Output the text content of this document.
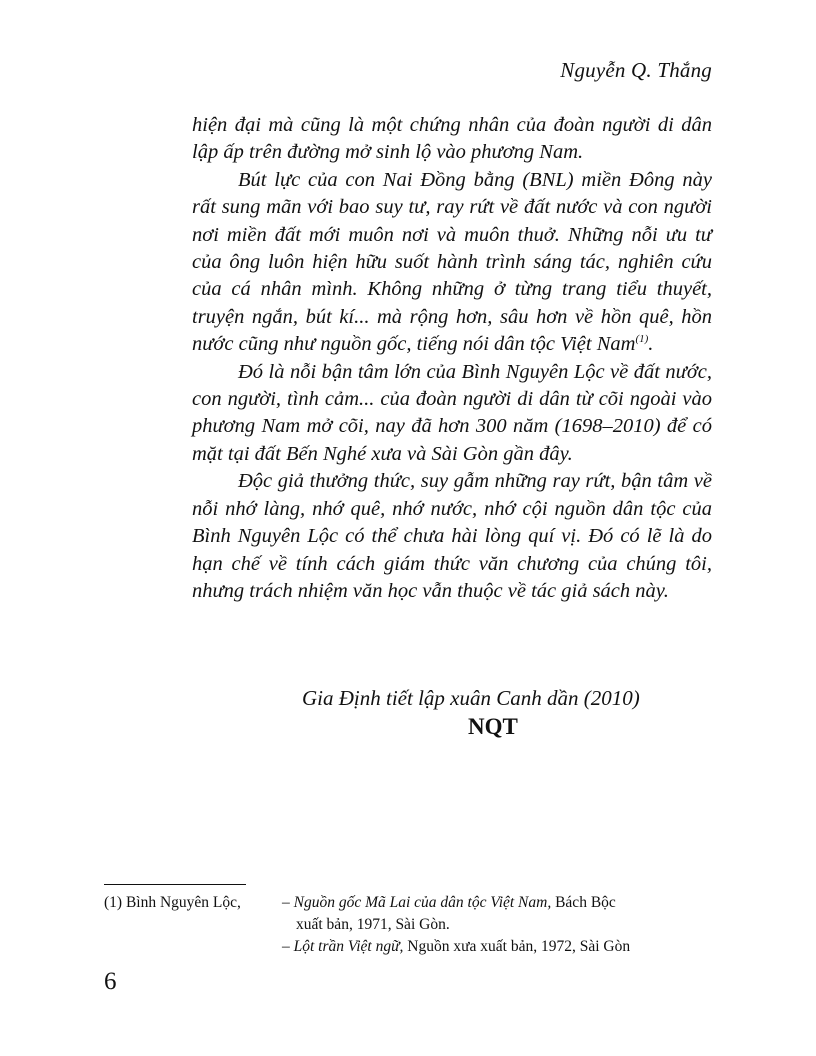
Nguyễn Q. Thắng

hiện đại mà cũng là một chứng nhân của đoàn người di dân lập ấp trên đường mở sinh lộ vào phương Nam.

Bút lực của con Nai Đồng bằng (BNL) miền Đông này rất sung mãn với bao suy tư, ray rứt về đất nước và con người nơi miền đất mới muôn nơi và muôn thuở. Những nỗi ưu tư của ông luôn hiện hữu suốt hành trình sáng tác, nghiên cứu của cá nhân mình. Không những ở từng trang tiểu thuyết, truyện ngắn, bút kí... mà rộng hơn, sâu hơn về hồn quê, hồn nước cũng như nguồn gốc, tiếng nói dân tộc Việt Nam$^{(1)}$.

Đó là nỗi bận tâm lớn của Bình Nguyên Lộc về đất nước, con người, tình cảm... của đoàn người di dân từ cõi ngoài vào phương Nam mở cõi, nay đã hơn 300 năm (1698–2010) để có mặt tại đất Bến Nghé xưa và Sài Gòn gần đây.

Độc giả thưởng thức, suy gẫm những ray rứt, bận tâm về nỗi nhớ làng, nhớ quê, nhớ nước, nhớ cội nguồn dân tộc của Bình Nguyên Lộc có thể chưa hài lòng quí vị. Đó có lẽ là do hạn chế về tính cách giám thức văn chương của chúng tôi, nhưng trách nhiệm văn học vẫn thuộc về tác giả sách này.

Gia Định tiết lập xuân Canh dần (2010)
NQT
(1) Bình Nguyên Lộc,	– Nguồn gốc Mã Lai của dân tộc Việt Nam, Bách Bộc
xuất bản, 1971, Sài Gòn.
– Lột trần Việt ngữ, Nguồn xưa xuất bản, 1972, Sài Gòn
6
